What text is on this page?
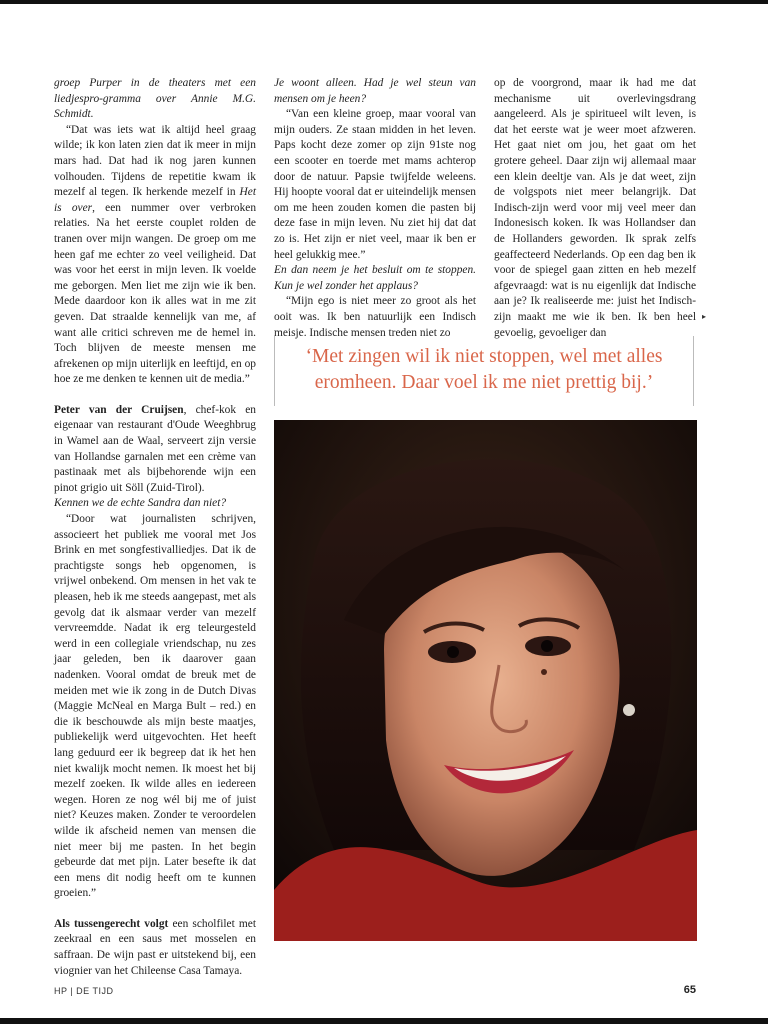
groep Purper in de theaters met een liedjespro-gramma over Annie M.G. Schmidt.

“Dat was iets wat ik altijd heel graag wilde; ik kon laten zien dat ik meer in mijn mars had. Dat had ik nog jaren kunnen volhouden. Tijdens de repetitie kwam ik mezelf al tegen. Ik herkende mezelf in Het is over, een nummer over verbroken relaties. Na het eerste couplet rolden de tranen over mijn wangen. De groep om me heen gaf me echter zo veel veiligheid. Dat was voor het eerst in mijn leven. Ik voelde me geborgen. Men liet me zijn wie ik ben. Mede daardoor kon ik alles wat in me zit geven. Dat straalde kennelijk van me, af want alle critici schreven me de hemel in. Toch blijven de meeste mensen me afrekenen op mijn uiterlijk en leeftijd, en op hoe ze me denken te kennen uit de media.”

Peter van der Cruijsen, chef-kok en eigenaar van restaurant d'Oude Weeghbrug in Wamel aan de Waal, serveert zijn versie van Hollandse garnalen met een crème van pastinaak met als bijbehorende wijn een pinot grigio uit Söll (Zuid-Tirol).

Kennen we de echte Sandra dan niet?

“Door wat journalisten schrijven, associeert het publiek me vooral met Jos Brink en met songfestivalliedjes. Dat ik de prachtigste songs heb opgenomen, is vrijwel onbekend. Om mensen in het vak te pleasen, heb ik me steeds aangepast, met als gevolg dat ik alsmaar verder van mezelf vervreemdde. Nadat ik erg teleurgesteld werd in een collegiale vriendschap, nu zes jaar geleden, ben ik daarover gaan nadenken. Vooral omdat de breuk met de meiden met wie ik zong in de Dutch Divas (Maggie McNeal en Marga Bult – red.) en die ik beschouwde als mijn beste maatjes, publiekelijk werd uitgevochten. Het heeft lang geduurd eer ik begreep dat ik het hen niet kwalijk mocht nemen. Ik moest het bij mezelf zoeken. Ik wilde alles en iedereen wegen. Horen ze nog wél bij me of juist niet? Keuzes maken. Zonder te veroordelen wilde ik afscheid nemen van mensen die niet meer bij me pasten. In het begin gebeurde dat met pijn. Later besefte ik dat een mens dit nodig heeft om te kunnen groeien.”

Als tussengerecht volgt een scholfilet met zeekraal en een saus met mosselen en saffraan. De wijn past er uitstekend bij, een viognier van het Chileense Casa Tamaya.

Je woont alleen. Had je wel steun van mensen om je heen?

“Van een kleine groep, maar vooral van mijn ouders. Ze staan midden in het leven. Paps kocht deze zomer op zijn 91ste nog een scooter en toerde met mams achterop door de natuur. Papsie twijfelde weleens. Hij hoopte vooral dat er uiteindelijk mensen om me heen zouden komen die pasten bij deze fase in mijn leven. Nu ziet hij dat dat zo is. Het zijn er niet veel, maar ik ben er heel gelukkig mee.”

En dan neem je het besluit om te stoppen. Kun je wel zonder het applaus?

“Mijn ego is niet meer zo groot als het ooit was. Ik ben natuurlijk een Indisch meisje. Indische mensen treden niet zo

op de voorgrond, maar ik had me dat mechanisme uit overlevingsdrang aangeleerd. Als je spiritueel wilt leven, is dat het eerste wat je weer moet afzweren. Het gaat niet om jou, het gaat om het grotere geheel. Daar zijn wij allemaal maar een klein deeltje van. Als je dat weet, zijn de volgspots niet meer belangrijk. Dat Indisch-zijn werd voor mij veel meer dan Indonesisch koken. Ik was Hollandser dan de Hollanders geworden. Ik sprak zelfs geaffecteerd Nederlands. Op een dag ben ik voor de spiegel gaan zitten en heb mezelf afgevraagd: wat is nu eigenlijk dat Indische aan je? Ik realiseerde me: juist het Indisch-zijn maakt me wie ik ben. Ik ben heel gevoelig, gevoeliger dan

▸
‘Met zingen wil ik niet stoppen, wel met alles
eromheen. Daar voel ik me niet prettig bij.’
HP | DE TIJD	65
